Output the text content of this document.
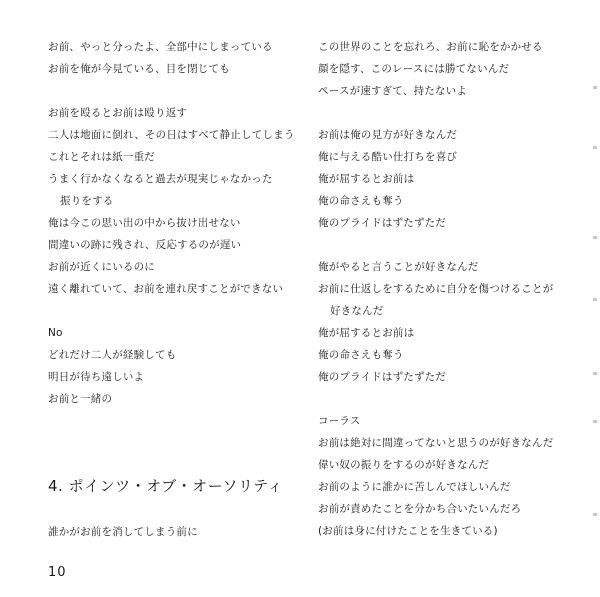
お前、やっと分ったよ、全部中にしまっている
お前を俺が今見ている、目を閉じても
お前を殴るとお前は殴り返す
二人は地面に倒れ、その日はすべて静止してしまう
これとそれは紙一重だ
うまく行かなくなると過去が現実じゃなかった
振りをする
俺は今この思い出の中から抜け出せない
間違いの跡に残され、反応するのが遅い
お前が近くにいるのに
遠く離れていて、お前を連れ戻すことができない
No
どれだけ二人が経験しても
明日が待ち遠しいよ
お前と一緒の
この世界のことを忘れろ、お前に恥をかかせる
顔を隠す、このレースには勝てないんだ
ペースが速すぎて、持たないよ
お前は俺の見方が好きなんだ
俺に与える酷い仕打ちを喜び
俺が屈するとお前は
俺の命さえも奪う
俺のプライドはずたずただ
俺がやると言うことが好きなんだ
お前に仕返しをするために自分を傷つけることが
好きなんだ
俺が屈するとお前は
俺の命さえも奪う
俺のプライドはずたずただ
コーラス
お前は絶対に間違ってないと思うのが好きなんだ
偉い奴の振りをするのが好きなんだ
お前のように誰かに苦しんでほしいんだ
お前が責めたことを分かち合いたいんだろ
(お前は身に付けたことを生きている)
4. ポインツ・オブ・オーソリティ
誰かがお前を消してしまう前に
10
